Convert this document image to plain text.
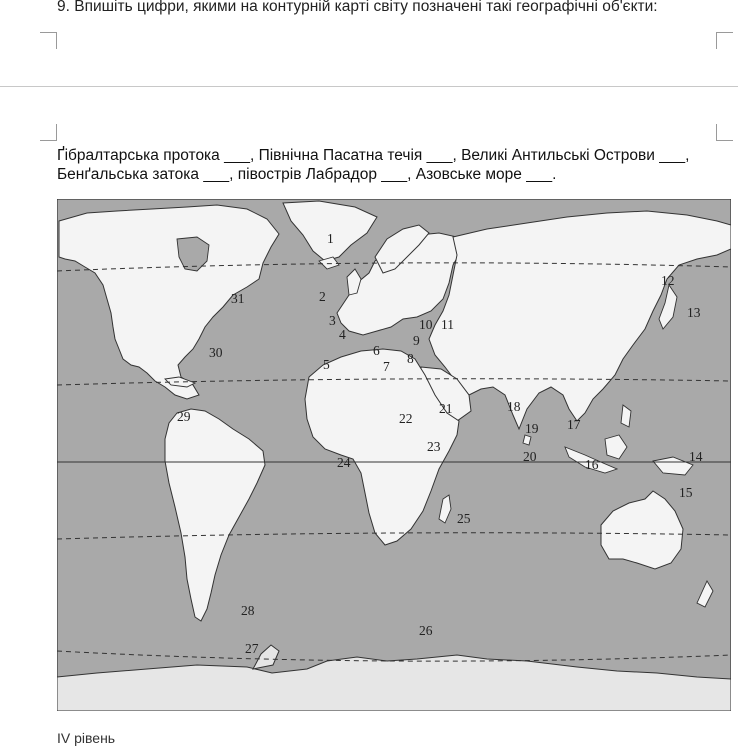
9. Впишіть цифри, якими на контурній карті світу позначені такі географічні об'єкти:
Ґібралтарська протока ___, Північна Пасатна течія ___, Великі Антильські Острови ___,
Бенґальська затока ___, півострів Лабрадор ___, Азовське море ___.
1
2
3
4
5
6
7
8
9
10 11
12
13
14
15
16
17
18
19
20
21
22
23
24
25
26
27
28
29
30
31
IV рівень
